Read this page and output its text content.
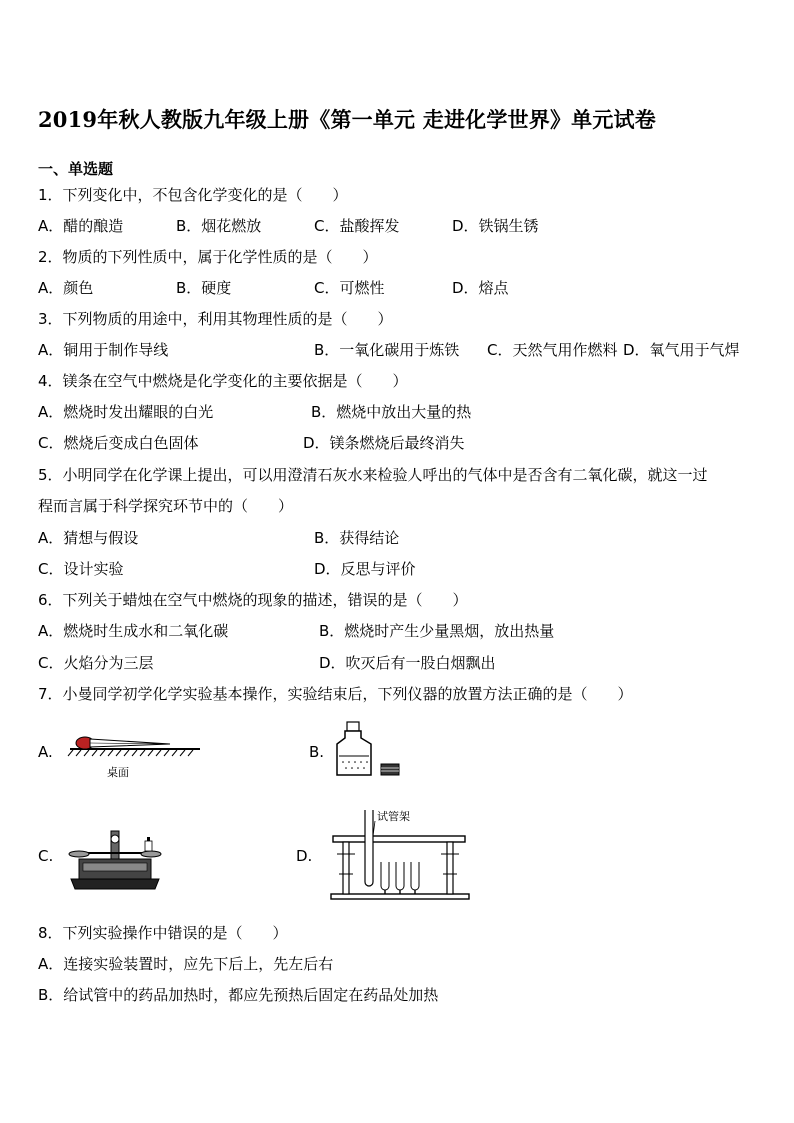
2019年秋人教版九年级上册《第一单元 走进化学世界》单元试卷
一、单选题
1．下列变化中，不包含化学变化的是（　　）
A．醋的酿造	B．烟花燃放	C．盐酸挥发	D．铁锅生锈
2．物质的下列性质中，属于化学性质的是（　　）
A．颜色	B．硬度	C．可燃性	D．熔点
3．下列物质的用途中，利用其物理性质的是（　　）
A．铜用于制作导线	B．一氧化碳用于炼铁 C．天然气用作燃料 D．氧气用于气焊
4．镁条在空气中燃烧是化学变化的主要依据是（　　）
A．燃烧时发出耀眼的白光	B．燃烧中放出大量的热
C．燃烧后变成白色固体	D．镁条燃烧后最终消失
5．小明同学在化学课上提出，可以用澄清石灰水来检验人呼出的气体中是否含有二氧化碳，就这一过
程而言属于科学探究环节中的（　　）
A．猜想与假设	B．获得结论
C．设计实验	D．反思与评价
6．下列关于蜡烛在空气中燃烧的现象的描述，错误的是（　　）
A．燃烧时生成水和二氧化碳	B．燃烧时产生少量黑烟，放出热量
C．火焰分为三层	D．吹灭后有一股白烟飘出
7．小曼同学初学化学实验基本操作，实验结束后，下列仪器的放置方法正确的是（　　）
A.
桌面
B.
C.	D.
试管架
8．下列实验操作中错误的是（　　）
A．连接实验装置时，应先下后上，先左后右
B．给试管中的药品加热时，都应先预热后固定在药品处加热
